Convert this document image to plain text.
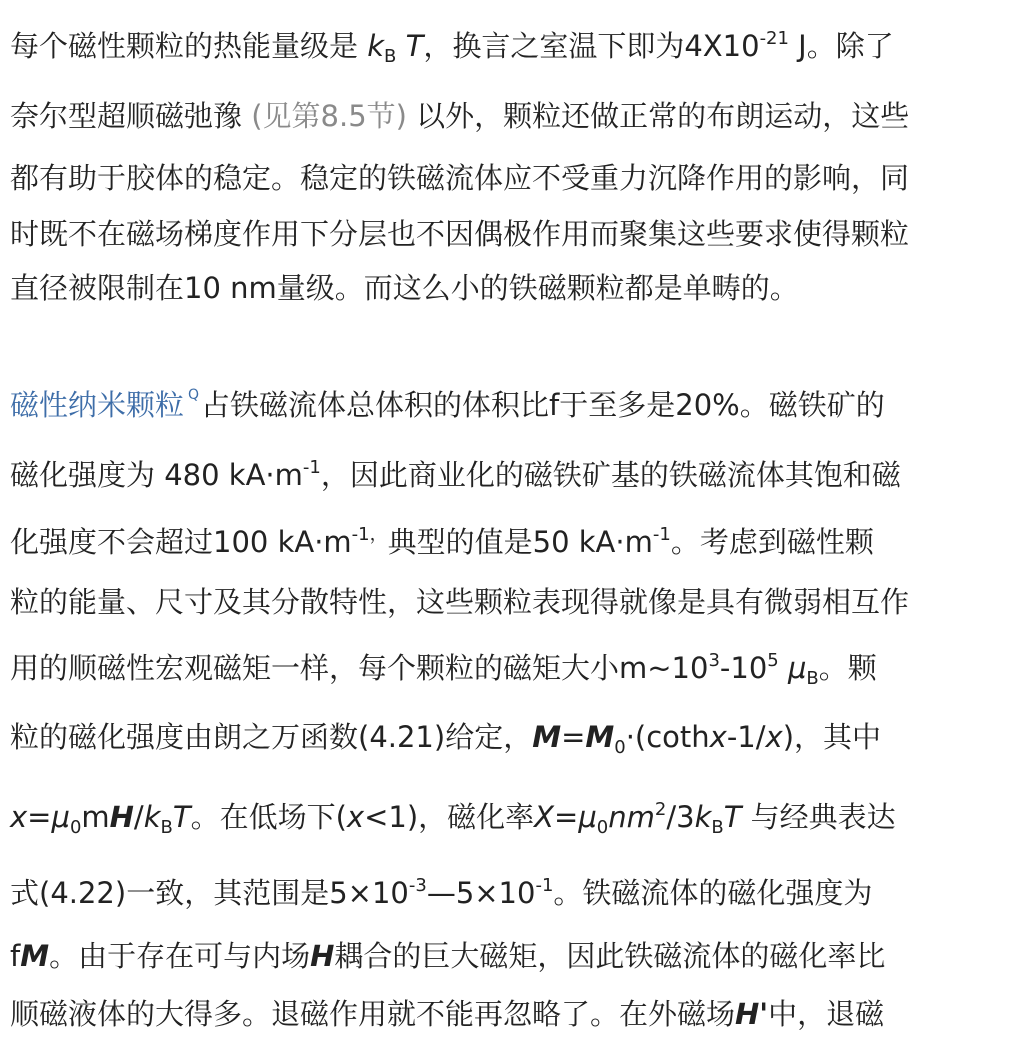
每个磁性颗粒的热能量级是 $k_B$ T，换言之室温下即为$4X10^{-21}$ J。除了
奈尔型超顺磁弛豫 (见第8.5节) 以外，颗粒还做正常的布朗运动，这些
都有助于胶体的稳定。稳定的铁磁流体应不受重力沉降作用的影响，同
时既不在磁场梯度作用下分层也不因偶极作用而聚集这些要求使得颗粒
直径被限制在10 nm量级。而这么小的铁磁颗粒都是单畴的。
磁性纳米颗粒 Q占铁磁流体总体积的体积比f于至多是20%。磁铁矿的
磁化强度为 480 $kA\cdot m^{-1}$，因此商业化的磁铁矿基的铁磁流体其饱和磁
化强度不会超过100 $kA\cdot m^{-1,}$典型的值是50 $kA\cdot m^{-1}$。考虑到磁性颗
粒的能量、尺寸及其分散特性，这些颗粒表现得就像是具有微弱相互作
用的顺磁性宏观磁矩一样，每个颗粒的磁矩大小$m\sim 10^3-10^5$ $\mu_B$。颗
粒的磁化强度由朗之万函数(4.21)给定，$M=M_0\cdot(cothx-1/x)$，其中
$x=\mu_0mH/k_BT$。在低场下(x<1)，磁化率$X=\mu_0nm^2/3k_BT$ 与经典表达
式(4.22)一致，其范围是$5\times 10^{-3}—5\times 10^{-1}$。铁磁流体的磁化强度为
fM。由于存在可与内场H耦合的巨大磁矩，因此铁磁流体的磁化率比
顺磁液体的大得多。退磁作用就不能再忽略了。在外磁场H'中，退磁
